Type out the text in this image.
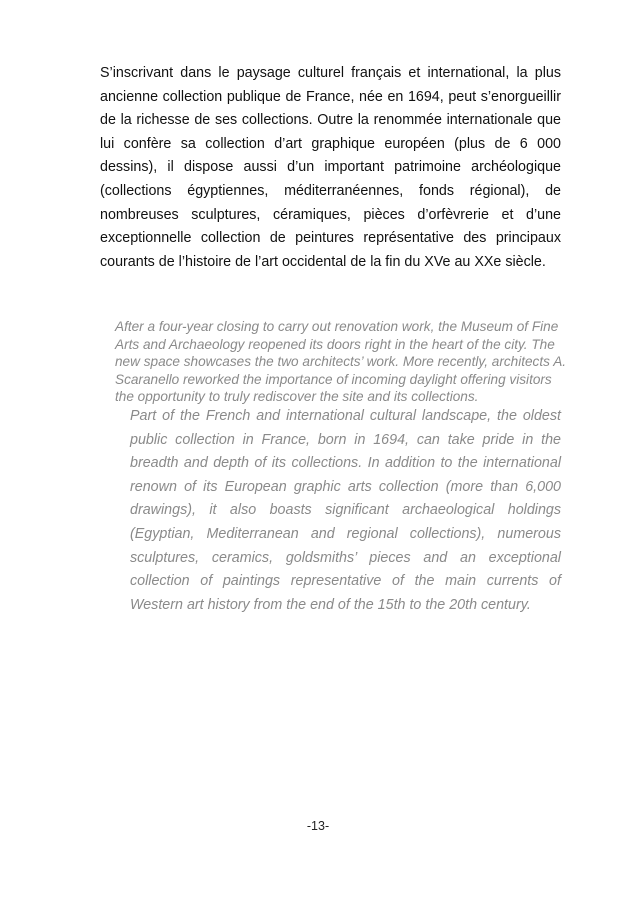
S’inscrivant dans le paysage culturel français et international, la plus ancienne collection publique de France, née en 1694, peut s’enorgueillir de la richesse de ses collections. Outre la renommée internationale que lui confère sa collection d’art graphique européen (plus de 6 000 dessins), il dispose aussi d’un important patrimoine archéologique (collections égyptiennes, méditerranéennes, fonds régional), de nombreuses sculptures, céramiques, pièces d’orfèvrerie et d’une exceptionnelle collection de peintures représentative des principaux courants de l’histoire de l’art occidental de la fin du XVe au XXe siècle.

After a four-year closing to carry out renovation work, the Museum of Fine Arts and Archaeology reopened its doors right in the heart of the city. The new space showcases the two architects’ work. More recently, architects A. Scaranello reworked the importance of incoming daylight offering visitors the opportunity to truly rediscover the site and its collections.

Part of the French and international cultural landscape, the oldest public collection in France, born in 1694, can take pride in the breadth and depth of its collections. In addition to the international renown of its European graphic arts collection (more than 6,000 drawings), it also boasts significant archaeological holdings (Egyptian, Mediterranean and regional collections), numerous sculptures, ceramics, goldsmiths’ pieces and an exceptional collection of paintings representative of the main currents of Western art history from the end of the 15th to the 20th century.

-13-
